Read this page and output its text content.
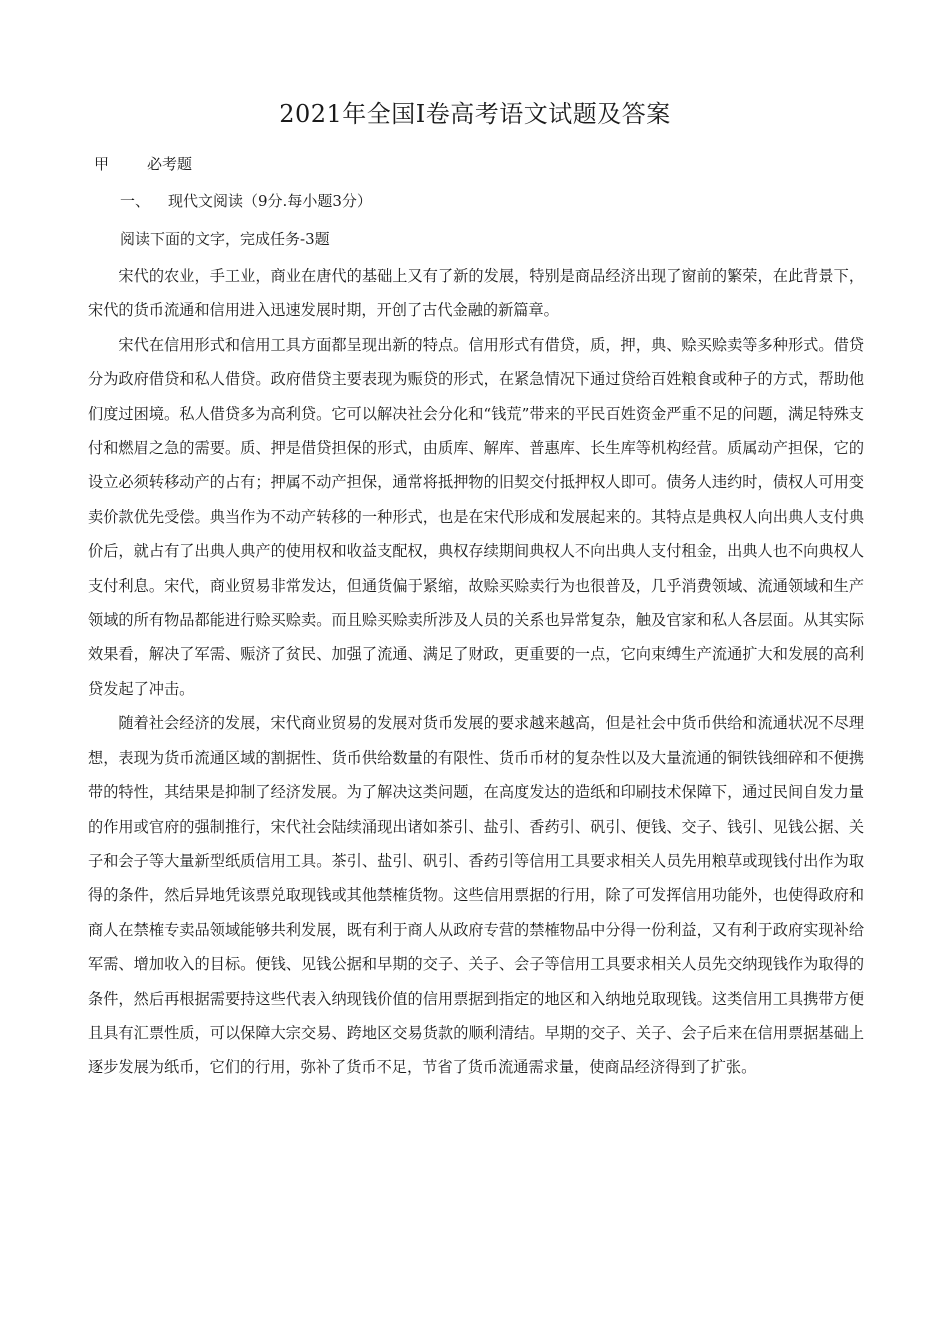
2021年全国Ⅰ卷高考语文试题及答案
甲	必考题
一、 现代文阅读（9分.每小题3分）
阅读下面的文字，完成任务-3题

宋代的农业，手工业，商业在唐代的基础上又有了新的发展，特别是商品经济出现了窗前的繁荣，在此背景下，宋代的货币流通和信用进入迅速发展时期，开创了古代金融的新篇章。

宋代在信用形式和信用工具方面都呈现出新的特点。信用形式有借贷，质，押，典、赊买赊卖等多种形式。借贷分为政府借贷和私人借贷。政府借贷主要表现为赈贷的形式，在紧急情况下通过贷给百姓粮食或种子的方式，帮助他们度过困境。私人借贷多为高利贷。它可以解决社会分化和“钱荒”带来的平民百姓资金严重不足的问题，满足特殊支付和燃眉之急的需要。质、押是借贷担保的形式，由质库、解库、普惠库、长生库等机构经营。质属动产担保，它的设立必须转移动产的占有；押属不动产担保，通常将抵押物的旧契交付抵押权人即可。债务人违约时，债权人可用变卖价款优先受偿。典当作为不动产转移的一种形式，也是在宋代形成和发展起来的。其特点是典权人向出典人支付典价后，就占有了出典人典产的使用权和收益支配权，典权存续期间典权人不向出典人支付租金，出典人也不向典权人支付利息。宋代，商业贸易非常发达，但通货偏于紧缩，故赊买赊卖行为也很普及，几乎消费领域、流通领域和生产领域的所有物品都能进行赊买赊卖。而且赊买赊卖所涉及人员的关系也异常复杂，触及官家和私人各层面。从其实际效果看，解决了军需、赈济了贫民、加强了流通、满足了财政，更重要的一点，它向束缚生产流通扩大和发展的高利贷发起了冲击。

随着社会经济的发展，宋代商业贸易的发展对货币发展的要求越来越高，但是社会中货币供给和流通状况不尽理想，表现为货币流通区域的割据性、货币供给数量的有限性、货币币材的复杂性以及大量流通的铜铁钱细碎和不便携带的特性，其结果是抑制了经济发展。为了解决这类问题，在高度发达的造纸和印刷技术保障下，通过民间自发力量的作用或官府的强制推行，宋代社会陆续涌现出诸如茶引、盐引、香药引、矾引、便钱、交子、钱引、见钱公据、关子和会子等大量新型纸质信用工具。茶引、盐引、矾引、香药引等信用工具要求相关人员先用粮草或现钱付出作为取得的条件，然后异地凭该票兑取现钱或其他禁榷货物。这些信用票据的行用，除了可发挥信用功能外，也使得政府和商人在禁榷专卖品领域能够共利发展，既有利于商人从政府专营的禁榷物品中分得一份利益，又有利于政府实现补给军需、增加收入的目标。便钱、见钱公据和早期的交子、关子、会子等信用工具要求相关人员先交纳现钱作为取得的条件，然后再根据需要持这些代表入纳现钱价值的信用票据到指定的地区和入纳地兑取现钱。这类信用工具携带方便且具有汇票性质，可以保障大宗交易、跨地区交易货款的顺利清结。早期的交子、关子、会子后来在信用票据基础上逐步发展为纸币，它们的行用，弥补了货币不足，节省了货币流通需求量，使商品经济得到了扩张。
